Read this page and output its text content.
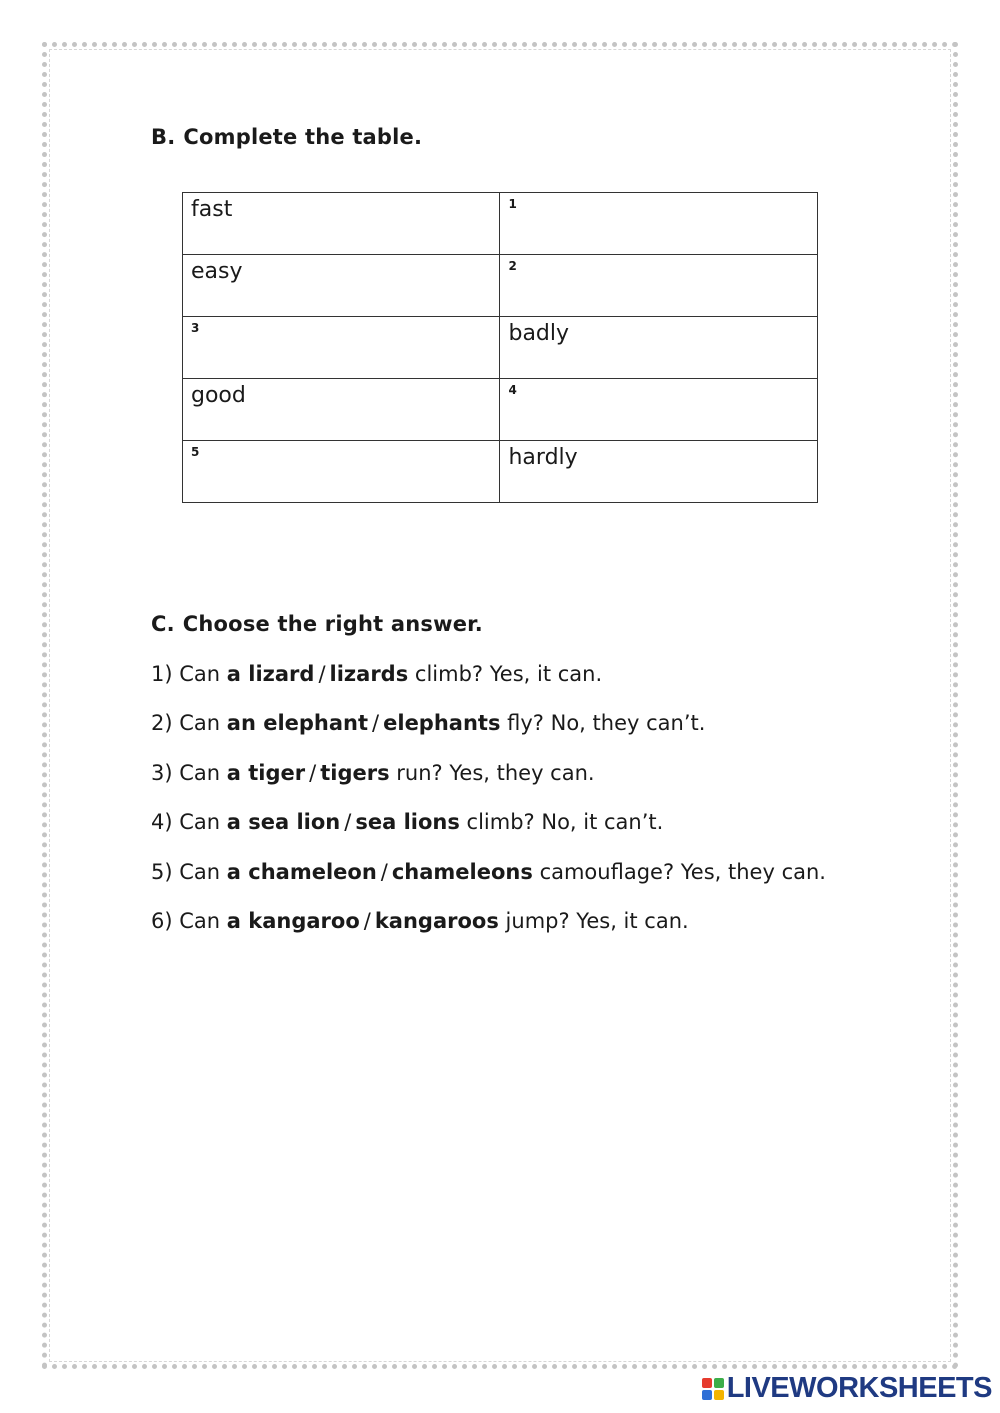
B. Complete the table.
fast	1

easy	2

3	badly

good	4

5	hardly
C. Choose the right answer.
1) Can a lizard / lizards climb? Yes, it can.
2) Can an elephant / elephants fly? No, they can’t.
3) Can a tiger / tigers run? Yes, they can.
4) Can a sea lion / sea lions climb? No, it can’t.
5) Can a chameleon / chameleons camouflage? Yes, they can.
6) Can a kangaroo / kangaroos jump? Yes, it can.
LIVEWORKSHEETS
